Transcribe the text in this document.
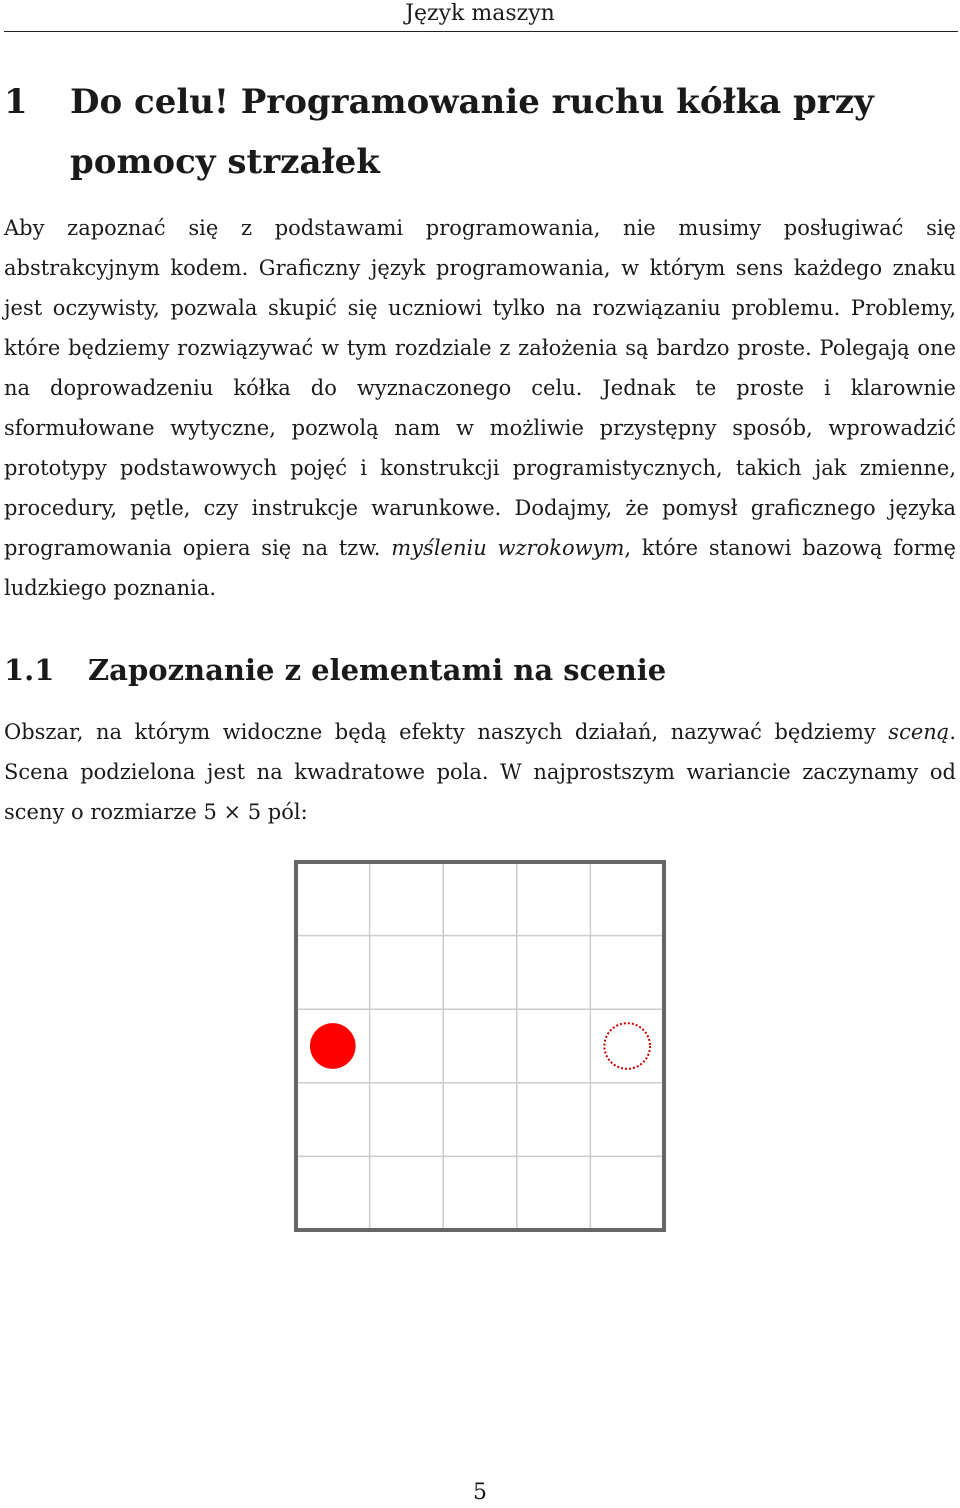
Język maszyn
1	Do celu! Programowanie ruchu kółka przy pomocy strzałek

Aby zapoznać się z podstawami programowania, nie musimy posługiwać się abstrakcyjnym kodem. Graficzny język programowania, w którym sens każdego znaku jest oczywisty, pozwala skupić się uczniowi tylko na rozwiązaniu problemu. Problemy, które będziemy rozwiązywać w tym rozdziale z założenia są bardzo proste. Polegają one na doprowadzeniu kółka do wyznaczonego celu. Jednak te proste i klarownie sformułowane wytyczne, pozwolą nam w możliwie przystępny sposób, wprowadzić prototypy podstawowych pojęć i konstrukcji programistycznych, takich jak zmienne, procedury, pętle, czy instrukcje warunkowe. Dodajmy, że pomysł graficznego języka programowania opiera się na tzw. myśleniu wzrokowym, które stanowi bazową formę ludzkiego poznania.

1.1	Zapoznanie z elementami na scenie

Obszar, na którym widoczne będą efekty naszych działań, nazywać będziemy sceną. Scena podzielona jest na kwadratowe pola. W najprostszym wariancie zaczynamy od sceny o rozmiarze 5 × 5 pól:

5
